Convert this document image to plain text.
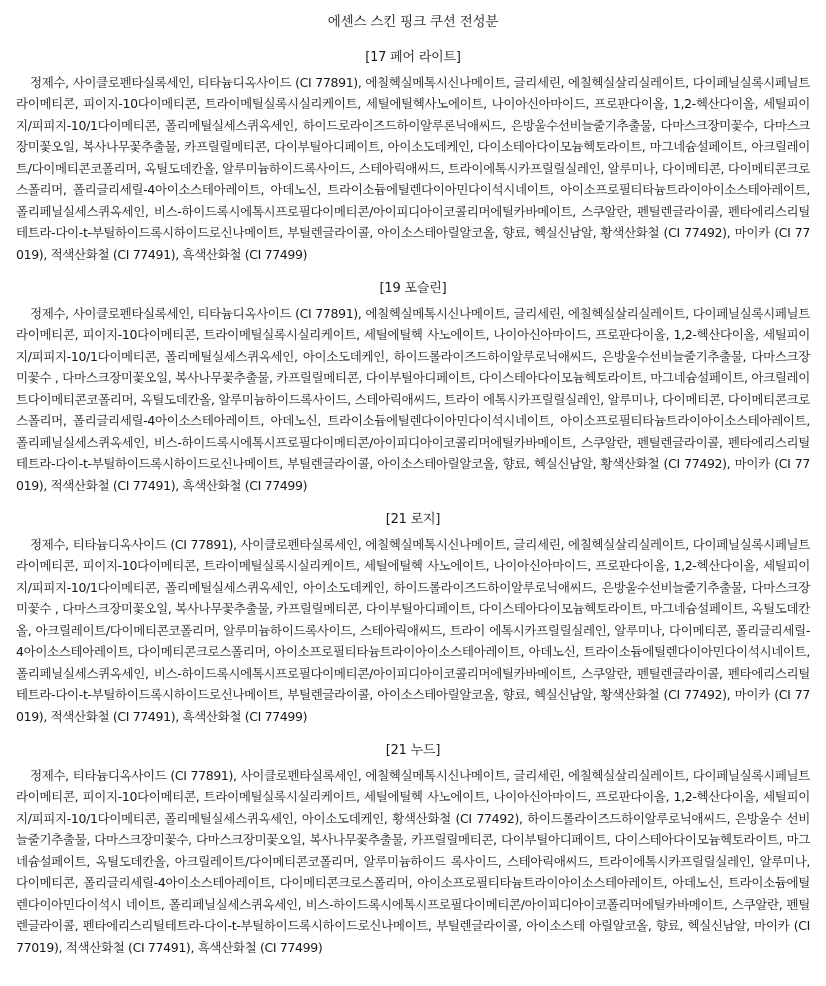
에센스 스킨 핑크 쿠션 전성분
[17 페어 라이트]

정제수, 사이클로펜타실록세인, 티타늄디옥사이드 (CI 77891), 에칠헥실메톡시신나메이트, 글리세린, 에칠헥실살리실레이트, 다이페닐실록시페닐트라이메티콘, 피이지-10다이메티콘, 트라이메틸실록시실리케이트, 세틸에틸헥사노에이트, 나이아신아마이드, 프로판다이올, 1,2-헥산다이올, 세틸피이지/피피지-10/1다이메티콘, 폴리메틸실세스퀴옥세인, 하이드로라이즈드하이알루론닉애씨드, 은방울수선비늘줄기추출물, 다마스크장미꽃수, 다마스크장미꽃오일, 복사나무꽃추출물, 카프릴릴메티콘, 다이부틸아디페이트, 아이소도데케인, 다이소테아다이모늄헥토라이트, 마그네슘설페이트, 아크릴레이트/다이메티콘코폴리머, 옥틸도데칸올, 알루미늄하이드록사이드, 스테아릭애씨드, 트라이에톡시카프릴릴실레인, 알루미나, 다이메티콘, 다이메티콘크로스폴리머, 폴리글리세릴-4아이소스테아레이트, 아데노신, 트라이소듐에틸렌다이아민다이석시네이트, 아이소프로필티타늄트라이아이소스테아레이트, 폴리페닐실세스퀴옥세인, 비스-하이드록시에톡시프로필다이메티콘/아이피디아이코콜리머에틸카바메이트, 스쿠알란, 펜틸렌글라이콜, 펜타에리스리틸테트라-다이-t-부틸하이드록시하이드로신나메이트, 부틸렌글라이콜, 아이소스테아릴알코올, 향료, 헥실신남알, 황색산화철 (CI 77492), 마이카 (CI 77019), 적색산화철 (CI 77491), 흑색산화철 (CI 77499)

[19 포슬린]

정제수, 사이클로펜타실록세인, 티타늄디옥사이드 (CI 77891), 에칠헥실메톡시신나메이트, 글리세린, 에칠헥실살리실레이트, 다이페닐실록시페닐트라이메티콘, 피이지-10다이메티콘, 트라이메틸실록시실리케이트, 세틸에틸헥 사노에이트, 나이아신아마이드, 프로판다이올, 1,2-헥산다이올, 세틸피이지/피피지-10/1다이메티콘, 폴리메틸실세스퀴옥세인, 아이소도데케인, 하이드롤라이즈드하이알루로닉애씨드, 은방울수선비늘줄기추출물, 다마스크장미꽃수 , 다마스크장미꽃오일, 복사나무꽃추출물, 카프릴릴메티콘, 다이부틸아디페이트, 다이스테아다이모늄헥토라이트, 마그네슘설페이트, 아크릴레이트다이메티콘코폴리머, 옥틸도데칸올, 알루미늄하이드록사이드, 스테아릭애씨드, 트라이 에톡시카프릴릴실레인, 알루미나, 다이메티콘, 다이메티콘크로스폴리머, 폴리글리세릴-4아이소스테아레이트, 아데노신, 트라이소듐에틸렌다이아민다이석시네이트, 아이소프로필티타늄트라이아이소스테아레이트, 폴리페닐실세스퀴옥세인, 비스-하이드록시에톡시프로필다이메티콘/아이피디아이코콜리머에틸카바메이트, 스쿠알란, 펜틸렌글라이콜, 펜타에리스리틸테트라-다이-t-부틸하이드록시하이드로신나메이트, 부틸렌글라이콜, 아이소스테아릴알코올, 향료, 헥실신남알, 황색산화철 (CI 77492), 마이카 (CI 77019), 적색산화철 (CI 77491), 흑색산화철 (CI 77499)

[21 로지]

정제수, 티타늄디옥사이드 (CI 77891), 사이클로펜타실록세인, 에칠헥실메톡시신나메이트, 글리세린, 에칠헥실살리실레이트, 다이페닐실록시페닐트라이메티콘, 피이지-10다이메티콘, 트라이메틸실록시실리케이트, 세틸에틸헥 사노에이트, 나이아신아마이드, 프로판다이올, 1,2-헥산다이올, 세틸피이지/피피지-10/1다이메티콘, 폴리메틸실세스퀴옥세인, 아이소도데케인, 하이드롤라이즈드하이알루로닉애씨드, 은방울수선비늘줄기추출물, 다마스크장미꽃수 , 다마스크장미꽃오일, 복사나무꽃추출물, 카프릴릴메티콘, 다이부틸아디페이트, 다이스테아다이모늄헥토라이트, 마그네슘설페이트, 옥틸도데칸올, 아크릴레이트/다이메티콘코폴리머, 알루미늄하이드록사이드, 스테아릭애씨드, 트라이 에톡시카프릴릴실레인, 알루미나, 다이메티콘, 폴리글리세릴-4아이소스테아레이트, 다이메티콘크로스폴리머, 아이소프로필티타늄트라이아이소스테아레이트, 아데노신, 트라이소듐에틸렌다이아민다이석시네이트, 폴리페닐실세스퀴옥세인, 비스-하이드록시에톡시프로필다이메티콘/아이피디아이코콜리머에틸카바메이트, 스쿠알란, 펜틸렌글라이콜, 펜타에리스리틸테트라-다이-t-부틸하이드록시하이드로신나메이트, 부틸렌글라이콜, 아이소스테아릴알코올, 향료, 헥실신남알, 황색산화철 (CI 77492), 마이카 (CI 77019), 적색산화철 (CI 77491), 흑색산화철 (CI 77499)

[21 누드]

정제수, 티타늄디옥사이드 (CI 77891), 사이클로펜타실록세인, 에칠헥실메톡시신나메이트, 글리세린, 에칠헥실살리실레이트, 다이페닐실록시페닐트라이메티콘, 피이지-10다이메티콘, 트라이메틸실록시실리케이트, 세틸에틸헥 사노에이트, 나이아신아마이드, 프로판다이올, 1,2-헥산다이올, 세틸피이지/피피지-10/1다이메티콘, 폴리메틸실세스퀴옥세인, 아이소도데케인, 황색산화철 (CI 77492), 하이드롤라이즈드하이알루로닉애씨드, 은방울수 선비늘줄기추출물, 다마스크장미꽃수, 다마스크장미꽃오일, 복사나무꽃추출물, 카프릴릴메티콘, 다이부틸아디페이트, 다이스테아다이모늄헥토라이트, 마그네슘설페이트, 옥틸도데칸올, 아크릴레이트/다이메티콘코폴리머, 알루미늄하이드 록사이드, 스테아릭애씨드, 트라이에톡시카프릴릴실레인, 알루미나, 다이메티콘, 폴리글리세릴-4아이소스테아레이트, 다이메티콘크로스폴리머, 아이소프로필티타늄트라이아이소스테아레이트, 아데노신, 트라이소듐에틸렌다이아민다이석시 네이트, 폴리페닐실세스퀴옥세인, 비스-하이드록시에톡시프로필다이메티콘/아이피디아이코폴리머에틸카바메이트, 스쿠알란, 펜틸렌글라이콜, 펜타에리스리틸테트라-다이-t-부틸하이드록시하이드로신나메이트, 부틸렌글라이콜, 아이소스테 아릴알코올, 향료, 헥실신남알, 마이카 (CI 77019), 적색산화철 (CI 77491), 흑색산화철 (CI 77499)
